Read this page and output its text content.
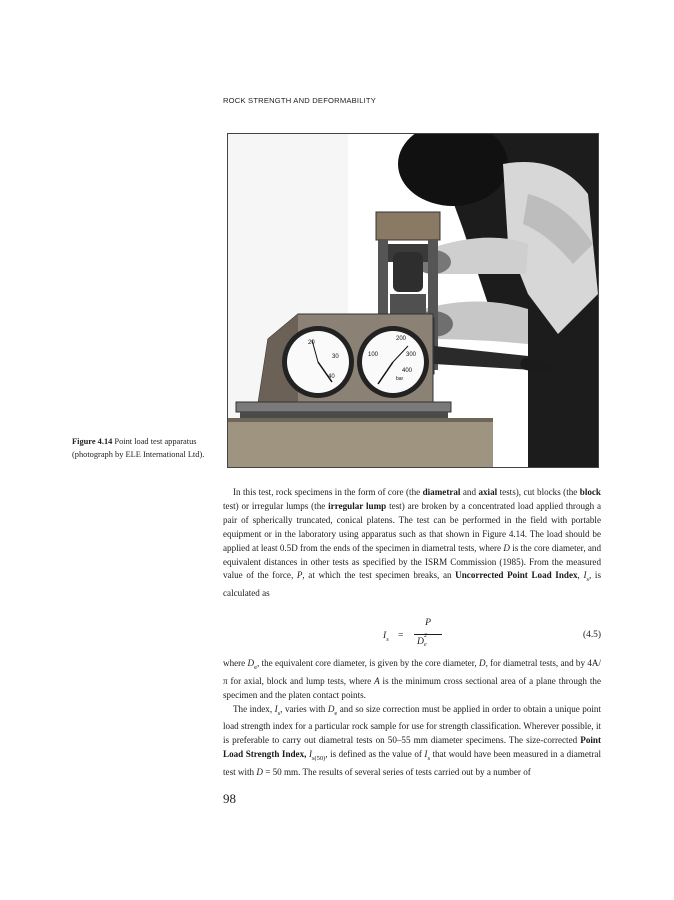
ROCK STRENGTH AND DEFORMABILITY
20
30
40
100
200
300
400
bar
Figure 4.14 Point load test apparatus (photograph by ELE International Ltd).

In this test, rock specimens in the form of core (the diametral and axial tests), cut blocks (the block test) or irregular lumps (the irregular lump test) are broken by a concentrated load applied through a pair of spherically truncated, conical platens. The test can be performed in the field with portable equipment or in the laboratory using apparatus such as that shown in Figure 4.14. The load should be applied at least 0.5D from the ends of the specimen in diametral tests, where D is the core diameter, and equivalent distances in other tests as specified by the ISRM Commission (1985). From the measured value of the force, P, at which the test specimen breaks, an Uncorrected Point Load Index, $I_s$, is calculated as

$I_s$ =
P
D 2
e
(4.5)

where $D_e$, the equivalent core diameter, is given by the core diameter, D, for diametral tests, and by 4A/π for axial, block and lump tests, where A is the minimum cross sectional area of a plane through the specimen and the platen contact points.

The index, $I_s$, varies with $D_e$ and so size correction must be applied in order to obtain a unique point load strength index for a particular rock sample for use for strength classification. Wherever possible, it is preferable to carry out diametral tests on 50–55 mm diameter specimens. The size-corrected Point Load Strength Index, $I_{s(50)}$, is defined as the value of $I_s$ that would have been measured in a diametral test with D = 50 mm. The results of several series of tests carried out by a number of

98
